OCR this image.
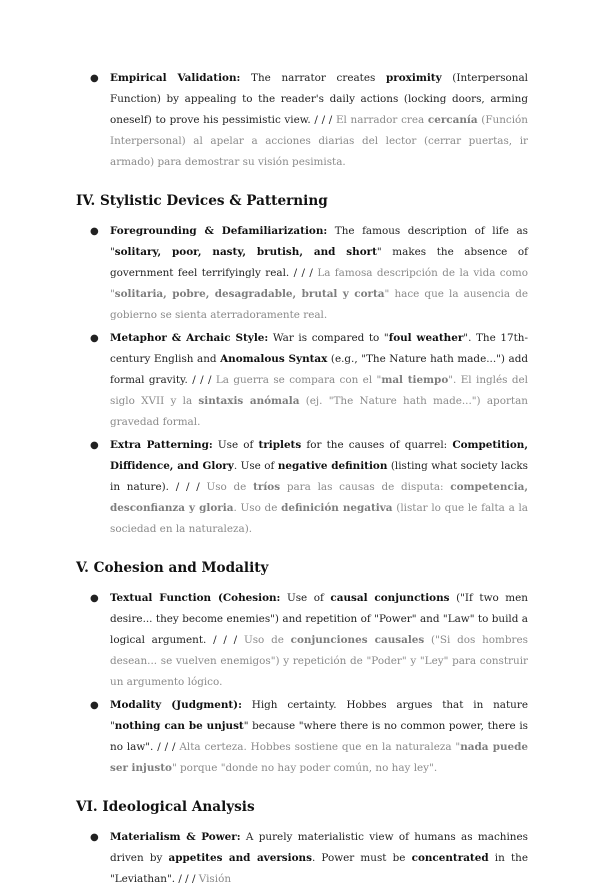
● Empirical Validation: The narrator creates proximity (Interpersonal Function) by appealing to the reader's daily actions (locking doors, arming oneself) to prove his pessimistic view. / / / El narrador crea cercanía (Función Interpersonal) al apelar a acciones diarias del lector (cerrar puertas, ir armado) para demostrar su visión pesimista.
IV. Stylistic Devices & Patterning
● Foregrounding & Defamiliarization: The famous description of life as "solitary, poor, nasty, brutish, and short" makes the absence of government feel terrifyingly real. / / / La famosa descripción de la vida como "solitaria, pobre, desagradable, brutal y corta" hace que la ausencia de gobierno se sienta aterradoramente real.
● Metaphor & Archaic Style: War is compared to "foul weather". The 17th-century English and Anomalous Syntax (e.g., "The Nature hath made...") add formal gravity. / / / La guerra se compara con el "mal tiempo". El inglés del siglo XVII y la sintaxis anómala (ej. "The Nature hath made...") aportan gravedad formal.
● Extra Patterning: Use of triplets for the causes of quarrel: Competition, Diffidence, and Glory. Use of negative definition (listing what society lacks in nature). / / / Uso de tríos para las causas de disputa: competencia, desconfianza y gloria. Uso de definición negativa (listar lo que le falta a la sociedad en la naturaleza).
V. Cohesion and Modality
● Textual Function (Cohesion: Use of causal conjunctions ("If two men desire... they become enemies") and repetition of "Power" and "Law" to build a logical argument. / / / Uso de conjunciones causales ("Si dos hombres desean... se vuelven enemigos") y repetición de "Poder" y "Ley" para construir un argumento lógico.
● Modality (Judgment): High certainty. Hobbes argues that in nature "nothing can be unjust" because "where there is no common power, there is no law". / / / Alta certeza. Hobbes sostiene que en la naturaleza "nada puede ser injusto" porque "donde no hay poder común, no hay ley".
VI. Ideological Analysis
● Materialism & Power: A purely materialistic view of humans as machines driven by appetites and aversions. Power must be concentrated in the "Leviathan". / / / Visión
